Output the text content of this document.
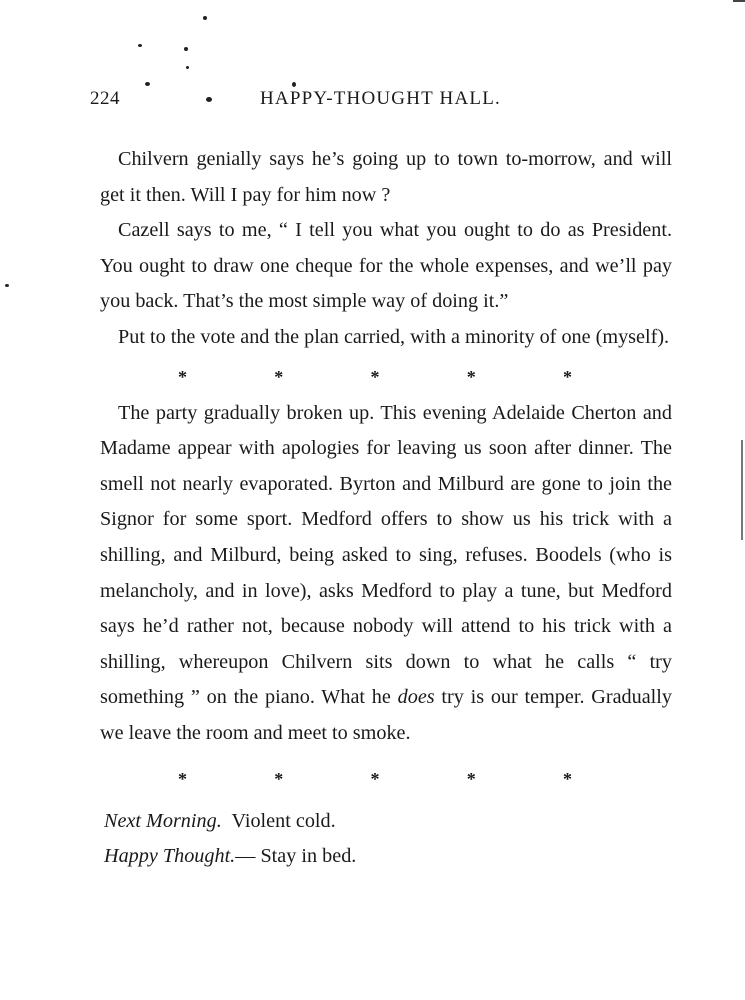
224	HAPPY-THOUGHT HALL.

Chilvern genially says he’s going up to town to-morrow, and will get it then. Will I pay for him now ?

Cazell says to me, “ I tell you what you ought to do as President. You ought to draw one cheque for the whole expenses, and we’ll pay you back. That’s the most simple way of doing it.”

Put to the vote and the plan carried, with a minority of one (myself).

*	*	*	*	*

The party gradually broken up. This evening Adelaide Cherton and Madame appear with apologies for leaving us soon after dinner. The smell not nearly evaporated. Byrton and Milburd are gone to join the Signor for some sport. Medford offers to show us his trick with a shilling, and Milburd, being asked to sing, refuses. Boodels (who is melancholy, and in love), asks Medford to play a tune, but Medford says he’d rather not, because nobody will attend to his trick with a shilling, whereupon Chilvern sits down to what he calls “ try something ” on the piano. What he does try is our temper. Gradually we leave the room and meet to smoke.

*	*	*	*	*

Next Morning. Violent cold.

Happy Thought.— Stay in bed.
